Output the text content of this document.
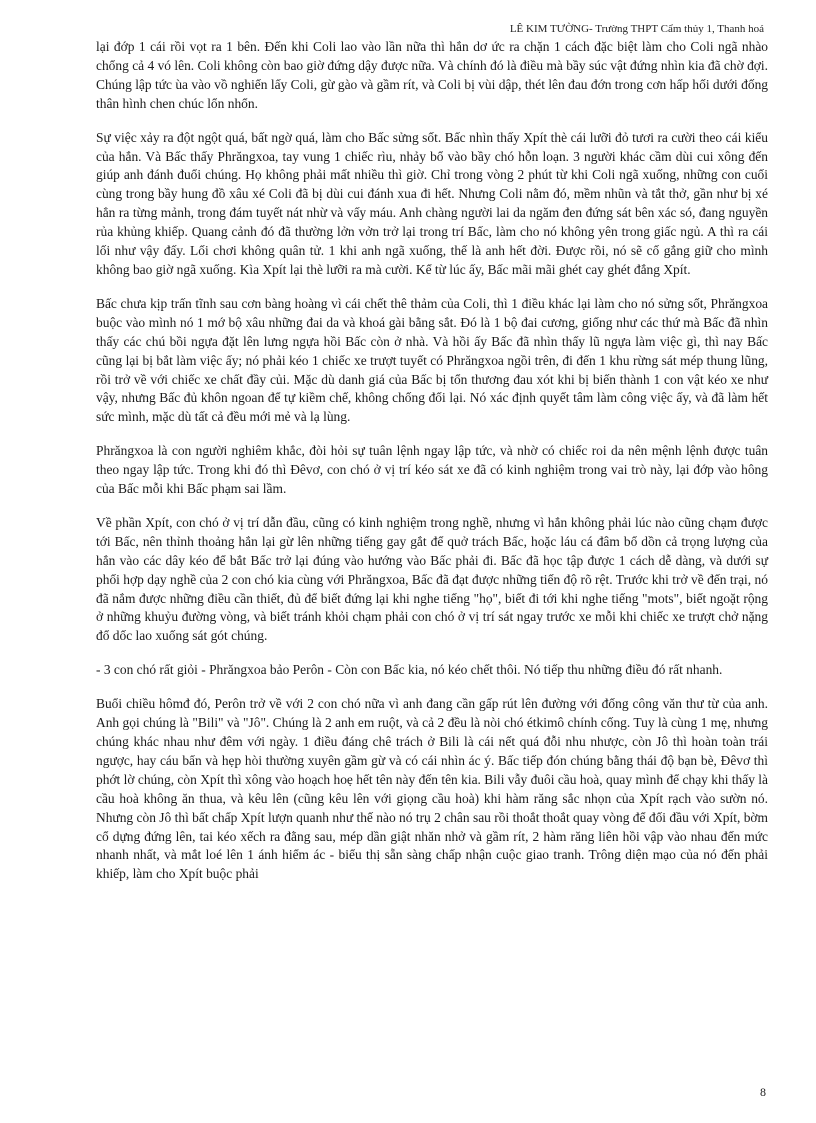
LÊ KIM TƯỜNG- Trường THPT Cẩm thủy 1, Thanh hoá

lại đớp 1 cái rồi vọt ra 1 bên. Đến khi Coli lao vào lần nữa thì hắn dơ ức ra chặn 1 cách đặc biệt làm cho Coli ngã nhào chổng cả 4 vó lên. Coli không còn bao giờ đứng dậy được nữa. Và chính đó là điều mà bầy súc vật đứng nhìn kia đã chờ đợi. Chúng lập tức ùa vào vồ nghiến lấy Coli, gừ gào và gầm rít, và Coli bị vùi dập, thét lên đau đớn trong cơn hấp hối dưới đống thân hình chen chúc lổn nhổn.

Sự việc xảy ra đột ngột quá, bất ngờ quá, làm cho Bấc sửng sốt. Bấc nhìn thấy Xpít thè cái lưỡi đỏ tươi ra cười theo cái kiểu của hắn. Và Bấc thấy Phrăngxoa, tay vung 1 chiếc rìu, nhảy bổ vào bầy chó hỗn loạn. 3 người khác cầm dùi cui xông đến giúp anh đánh đuổi chúng. Họ không phải mất nhiều thì giờ. Chỉ trong vòng 2 phút từ khi Coli ngã xuống, những con cuối cùng trong bầy hung đồ xâu xé Coli đã bị dùi cui đánh xua đi hết. Nhưng Coli nằm đó, mềm nhũn và tắt thở, gần như bị xé hẳn ra từng mảnh, trong đám tuyết nát nhừ và vấy máu. Anh chàng người lai da ngăm đen đứng sát bên xác só, đang nguyền rủa khủng khiếp. Quang cảnh đó đã thường lởn vởn trở lại trong trí Bấc, làm cho nó không yên trong giấc ngủ. A thì ra cái lối như vậy đấy. Lối chơi không quân tử. 1 khi anh ngã xuống, thế là anh hết đời. Được rồi, nó sẽ cố gắng giữ cho mình không bao giờ ngã xuống. Kìa Xpít lại thè lưỡi ra mà cười. Kể từ lúc ấy, Bấc mãi mãi ghét cay ghét đắng Xpít.

Bấc chưa kịp trấn tĩnh sau cơn bàng hoàng vì cái chết thê thảm của Coli, thì 1 điều khác lại làm cho nó sửng sốt, Phrăngxoa buộc vào mình nó 1 mớ bộ xâu những đai da và khoá gài bằng sắt. Đó là 1 bộ đai cương, giống như các thứ mà Bấc đã nhìn thấy các chú bồi ngựa đặt lên lưng ngựa hồi Bấc còn ở nhà. Và hồi ấy Bấc đã nhìn thấy lũ ngựa làm việc gì, thì nay Bấc cũng lại bị bắt làm việc ấy; nó phải kéo 1 chiếc xe trượt tuyết có Phrăngxoa ngồi trên, đi đến 1 khu rừng sát mép thung lũng, rồi trở về với chiếc xe chất đầy củi. Mặc dù danh giá của Bấc bị tổn thương đau xót khi bị biến thành 1 con vật kéo xe như vậy, nhưng Bấc đủ khôn ngoan để tự kiềm chế, không chống đối lại. Nó xác định quyết tâm làm công việc ấy, và đã làm hết sức mình, mặc dù tất cả đều mới mẻ và lạ lùng.

Phrăngxoa là con người nghiêm khắc, đòi hỏi sự tuân lệnh ngay lập tức, và nhờ có chiếc roi da nên mệnh lệnh được tuân theo ngay lập tức. Trong khi đó thì Đêvơ, con chó ở vị trí kéo sát xe đã có kinh nghiệm trong vai trò này, lại đớp vào hông của Bấc mỗi khi Bấc phạm sai lầm.

Về phần Xpít, con chó ở vị trí dẫn đầu, cũng có kinh nghiệm trong nghề, nhưng vì hắn không phải lúc nào cũng chạm được tới Bấc, nên thỉnh thoảng hắn lại gừ lên những tiếng gay gắt để quở trách Bấc, hoặc láu cá đâm bổ dồn cả trọng lượng của hắn vào các dây kéo để bắt Bấc trở lại đúng vào hướng vào Bấc phải đi. Bấc đã học tập được 1 cách dễ dàng, và dưới sự phối hợp dạy nghề của 2 con chó kia cùng với Phrăngxoa, Bấc đã đạt được những tiến độ rõ rệt. Trước khi trở về đến trại, nó đã nắm được những điều cần thiết, đủ để biết đứng lại khi nghe tiếng "họ", biết đi tới khi nghe tiếng "mots", biết ngoặt rộng ở những khuỷu đường vòng, và biết tránh khỏi chạm phải con chó ở vị trí sát ngay trước xe mỗi khi chiếc xe trượt chở nặng đổ dốc lao xuống sát gót chúng.

- 3 con chó rất giỏi - Phrăngxoa bảo Perôn - Còn con Bấc kia, nó kéo chết thôi. Nó tiếp thu những điều đó rất nhanh.

Buổi chiều hômđ đó, Perôn trở về với 2 con chó nữa vì anh đang cần gấp rút lên đường với đống công văn thư từ của anh. Anh gọi chúng là "Bili" và "Jô". Chúng là 2 anh em ruột, và cả 2 đều là nòi chó étkimô chính cống. Tuy là cùng 1 mẹ, nhưng chúng khác nhau như đêm với ngày. 1 điều đáng chê trách ở Bili là cái nết quá đỗi nhu nhược, còn Jô thì hoàn toàn trái ngược, hay cáu bẩn và hẹp hòi thường xuyên gầm gừ và có cái nhìn ác ý. Bấc tiếp đón chúng bằng thái độ bạn bè, Đêvơ thì phớt lờ chúng, còn Xpít thì xông vào hoạch hoẹ hết tên này đến tên kia. Bili vẫy đuôi cầu hoà, quay mình để chạy khi thấy là cầu hoà không ăn thua, và kêu lên (cũng kêu lên với giọng cầu hoà) khi hàm răng sắc nhọn của Xpít rạch vào sườn nó. Nhưng còn Jô thì bất chấp Xpít lượn quanh như thế nào nó trụ 2 chân sau rồi thoắt thoắt quay vòng để đối đầu với Xpít, bờm cổ dựng đứng lên, tai kéo xếch ra đằng sau, mép dần giật nhăn nhở và gầm rít, 2 hàm răng liên hồi vập vào nhau đến mức nhanh nhất, và mắt loé lên 1 ánh hiểm ác - biểu thị sẵn sàng chấp nhận cuộc giao tranh. Trông diện mạo của nó đến phải khiếp, làm cho Xpít buộc phải

8
